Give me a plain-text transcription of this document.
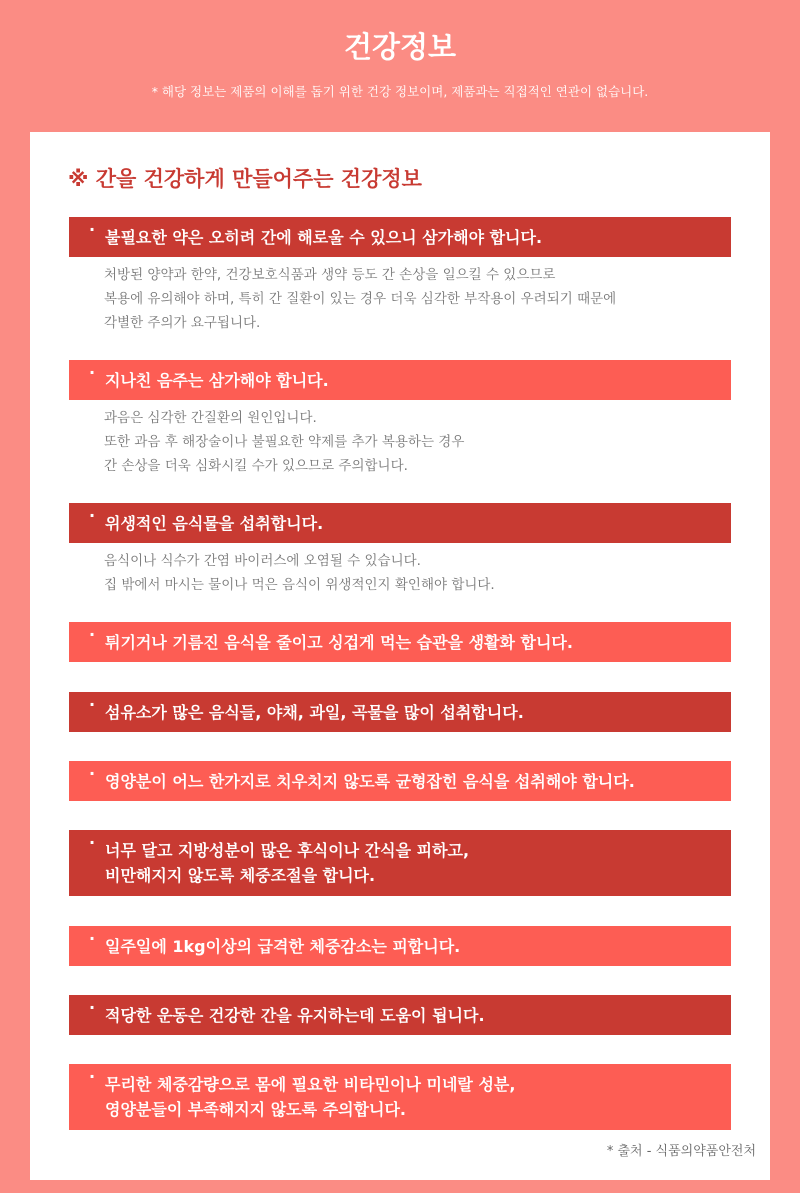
건강정보
* 해당 정보는 제품의 이해를 돕기 위한 건강 정보이며, 제품과는 직접적인 연관이 없습니다.
※ 간을 건강하게 만들어주는 건강정보
· 불필요한 약은 오히려 간에 해로울 수 있으니 삼가해야 합니다.
처방된 양약과 한약, 건강보호식품과 생약 등도 간 손상을 일으킬 수 있으므로
복용에 유의해야 하며, 특히 간 질환이 있는 경우 더욱 심각한 부작용이 우려되기 때문에
각별한 주의가 요구됩니다.
· 지나친 음주는 삼가해야 합니다.
과음은 심각한 간질환의 원인입니다.
또한 과음 후 해장술이나 불필요한 약제를 추가 복용하는 경우
간 손상을 더욱 심화시킬 수가 있으므로 주의합니다.
· 위생적인 음식물을 섭취합니다.
음식이나 식수가 간염 바이러스에 오염될 수 있습니다.
집 밖에서 마시는 물이나 먹은 음식이 위생적인지 확인해야 합니다.
· 튀기거나 기름진 음식을 줄이고 싱겁게 먹는 습관을 생활화 합니다.
· 섬유소가 많은 음식들, 야채, 과일, 곡물을 많이 섭취합니다.
· 영양분이 어느 한가지로 치우치지 않도록 균형잡힌 음식을 섭취해야 합니다.
· 너무 달고 지방성분이 많은 후식이나 간식을 피하고,
비만해지지 않도록 체중조절을 합니다.
· 일주일에 1kg이상의 급격한 체중감소는 피합니다.
· 적당한 운동은 건강한 간을 유지하는데 도움이 됩니다.
· 무리한 체중감량으로 몸에 필요한 비타민이나 미네랄 성분,
영양분들이 부족해지지 않도록 주의합니다.
* 출처 - 식품의약품안전처
